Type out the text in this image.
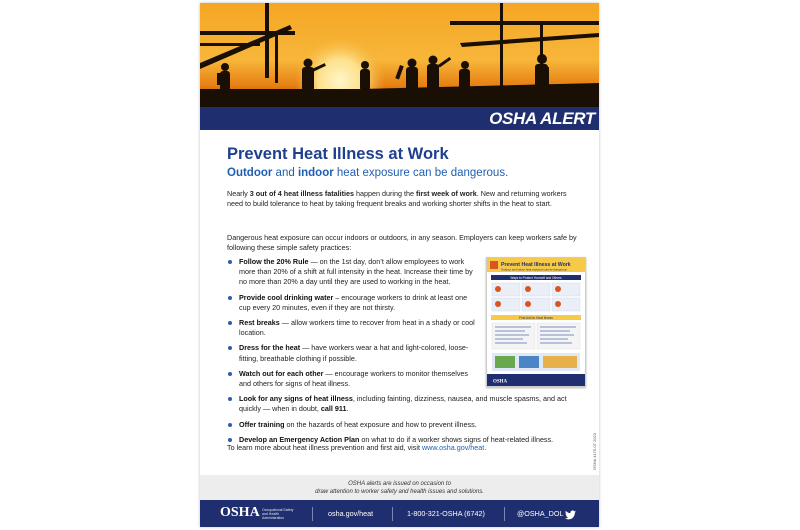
OSHA ALERT
Prevent Heat Illness at Work
Outdoor and indoor heat exposure can be dangerous.
Nearly 3 out of 4 heat illness fatalities happen during the first week of work. New and returning workers need to build tolerance to heat by taking frequent breaks and working shorter shifts in the heat to start.
Dangerous heat exposure can occur indoors or outdoors, in any season. Employers can keep workers safe by following these simple safety practices:
Follow the 20% Rule — on the 1st day, don’t allow employees to work more than 20% of a shift at full intensity in the heat. Increase their time by no more than 20% a day until they are used to working in the heat.
Provide cool drinking water – encourage workers to drink at least one cup every 20 minutes, even if they are not thirsty.
Rest breaks — allow workers time to recover from heat in a shady or cool location.
Dress for the heat — have workers wear a hat and light-colored, loose-fitting, breathable clothing if possible.
Watch out for each other — encourage workers to monitor themselves and others for signs of heat illness.
Look for any signs of heat illness, including fainting, dizziness, nausea, and muscle spasms, and act quickly — when in doubt, call 911.
Offer training on the hazards of heat exposure and how to prevent illness.
Develop an Emergency Action Plan on what to do if a worker shows signs of heat-related illness.
To learn more about heat illness prevention and first aid, visit www.osha.gov/heat.
Prevent Heat Illness at Work
Outdoor and indoor heat exposure can be dangerous
Ways to Protect Yourself and Others
First Aid for Heat Illness
OSHA
OSHA alerts are issued on occasion to
draw attention to worker safety and health issues and solutions.
OSHA Occupational Safety and Health Administration
osha.gov/heat	1-800-321-OSHA (6742)	@OSHA_DOL
OSHA 4175-07 2023
